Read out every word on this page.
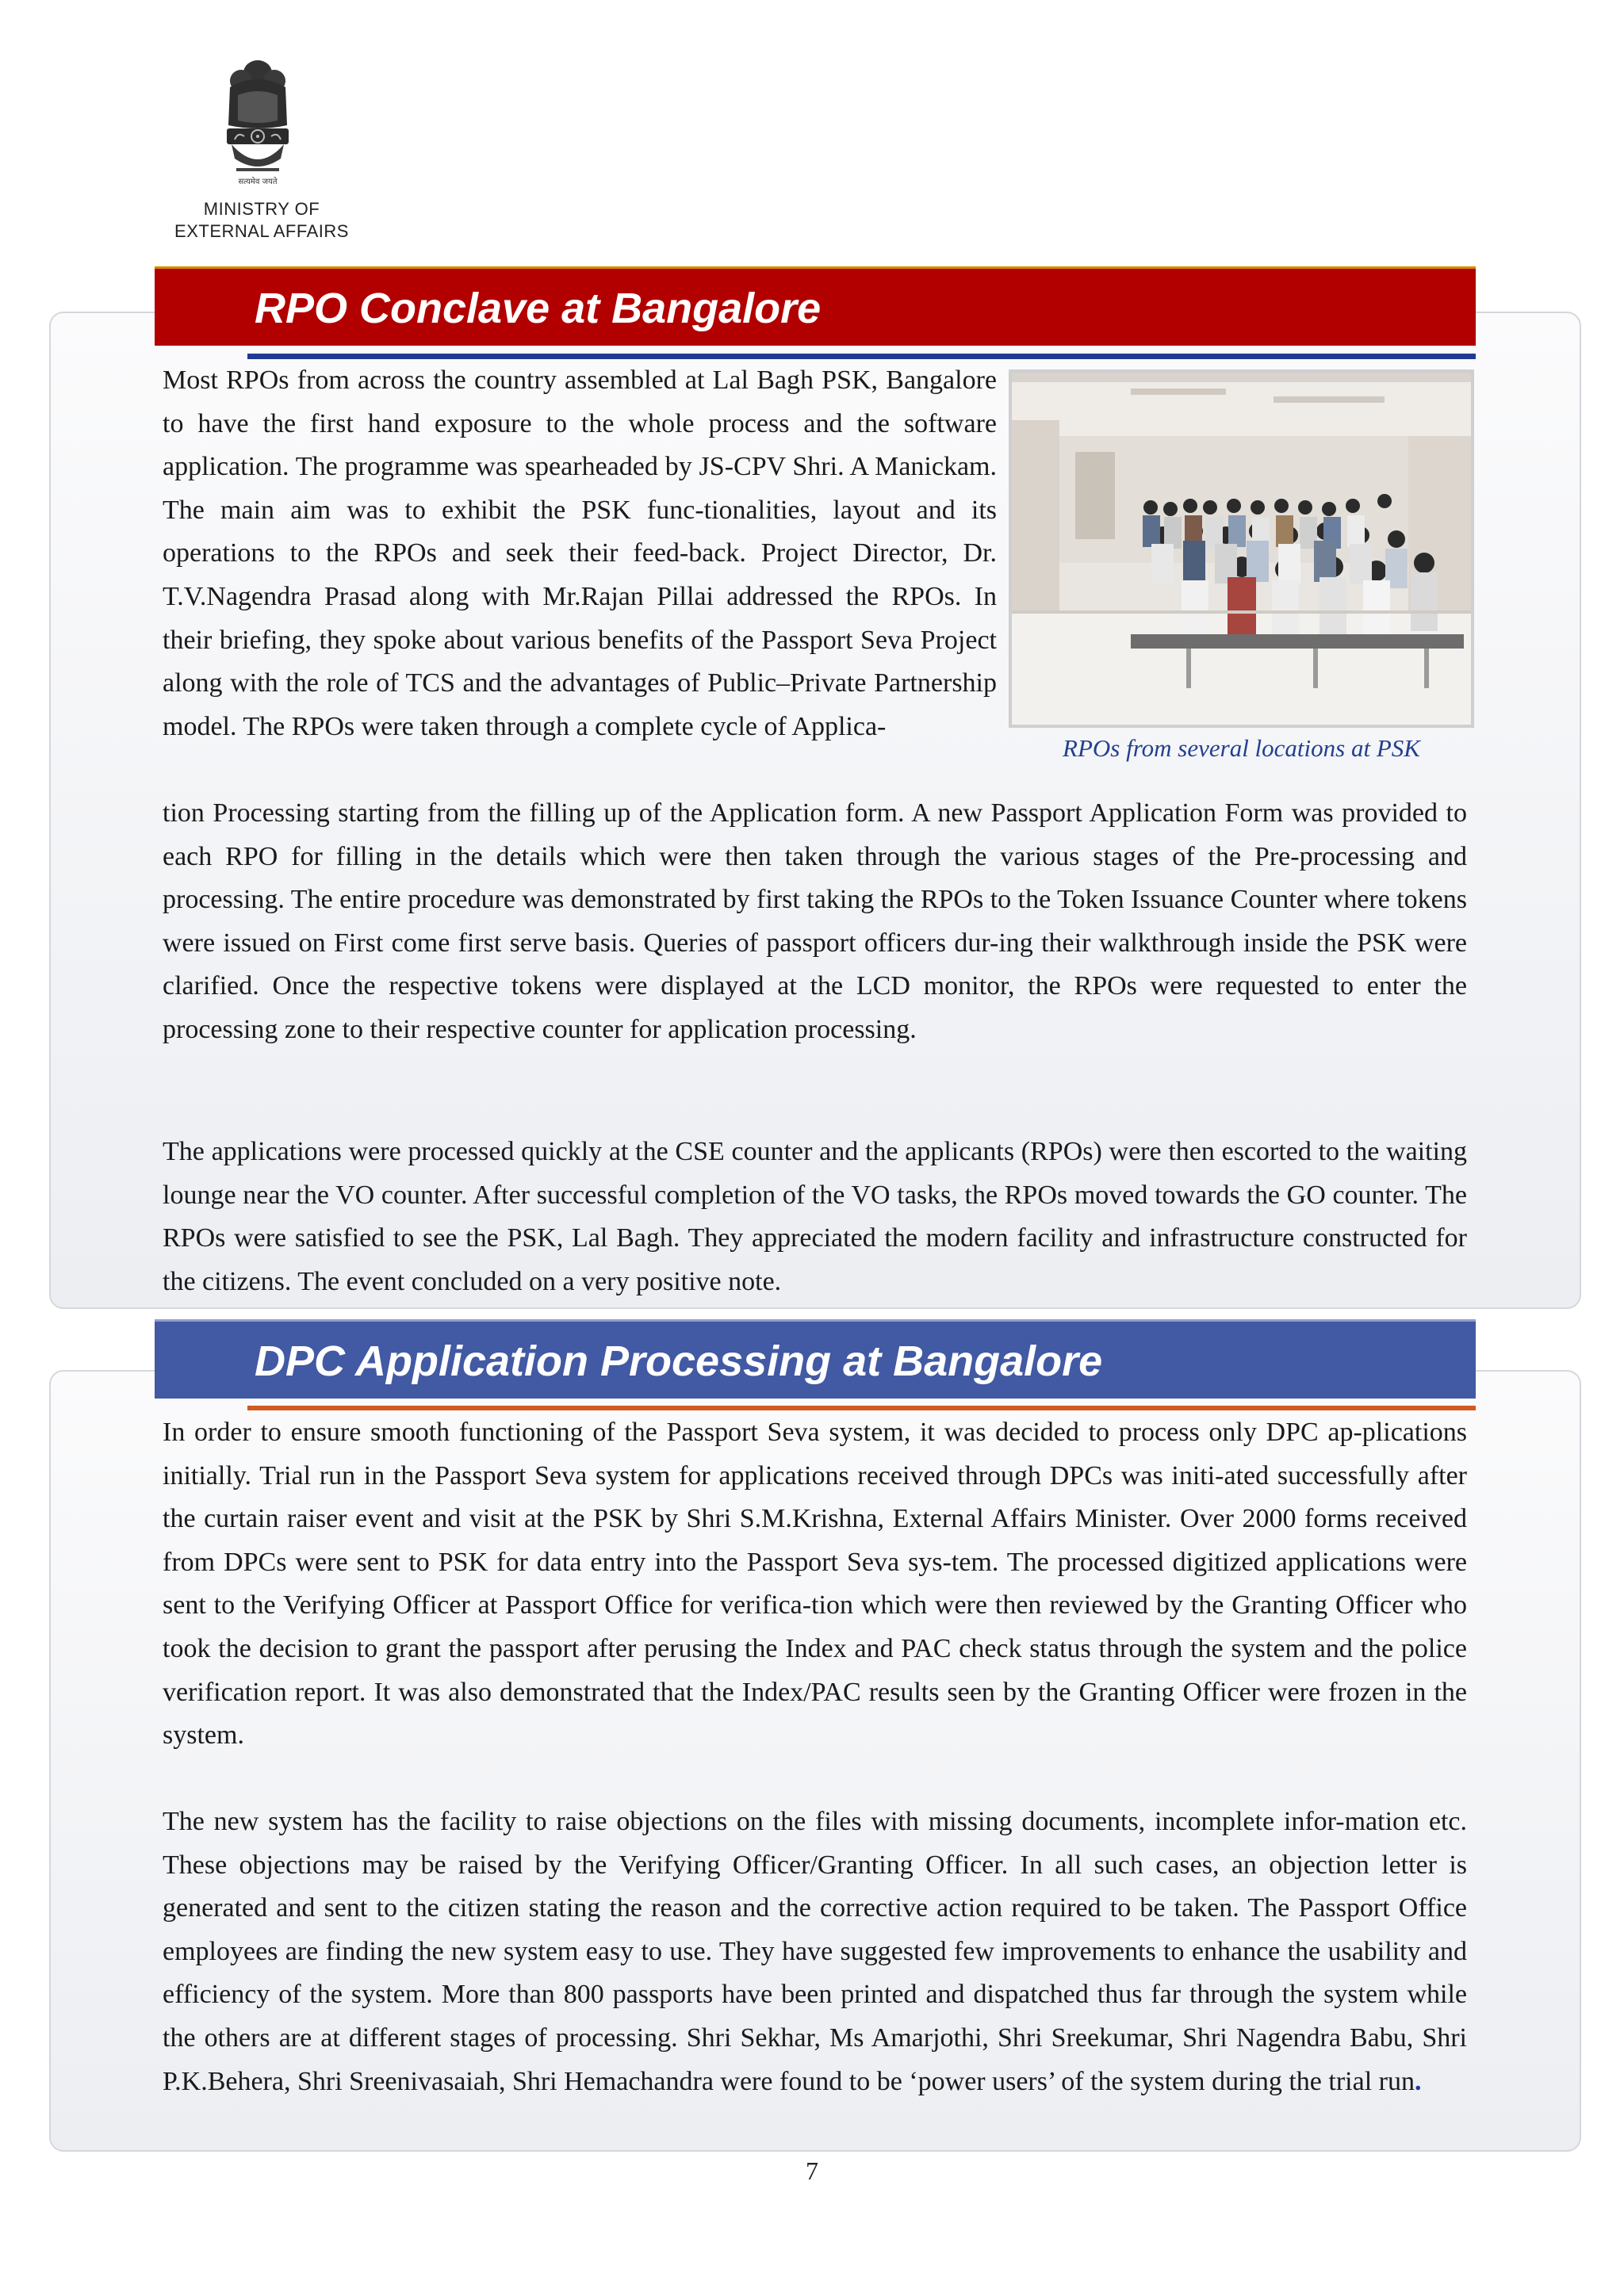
सत्यमेव जयते
MINISTRY OF
EXTERNAL AFFAIRS
RPO Conclave at Bangalore

Most RPOs from across the country assembled at Lal Bagh PSK, Bangalore to have the first hand exposure to the whole process and the software application. The programme was spearheaded by JS-CPV Shri. A Manickam. The main aim was to exhibit the PSK func-tionalities, layout and its operations to the RPOs and seek their feed-back. Project Director, Dr. T.V.Nagendra Prasad along with Mr.Rajan Pillai addressed the RPOs. In their briefing, they spoke about various benefits of the Passport Seva Project along with the role of TCS and the advantages of Public–Private Partnership model. The RPOs were taken through a complete cycle of Applica-

RPOs from several locations at PSK

tion Processing starting from the filling up of the Application form. A new Passport Application Form was provided to each RPO for filling in the details which were then taken through the various stages of the Pre-processing and processing. The entire procedure was demonstrated by first taking the RPOs to the Token Issuance Counter where tokens were issued on First come first serve basis. Queries of passport officers dur-ing their walkthrough inside the PSK were clarified. Once the respective tokens were displayed at the LCD monitor, the RPOs were requested to enter the processing zone to their respective counter for application processing.

The applications were processed quickly at the CSE counter and the applicants (RPOs) were then escorted to the waiting lounge near the VO counter. After successful completion of the VO tasks, the RPOs moved towards the GO counter. The RPOs were satisfied to see the PSK, Lal Bagh. They appreciated the modern facility and infrastructure constructed for the citizens. The event concluded on a very positive note.

DPC Application Processing at Bangalore

In order to ensure smooth functioning of the Passport Seva system, it was decided to process only DPC ap-plications initially. Trial run in the Passport Seva system for applications received through DPCs was initi-ated successfully after the curtain raiser event and visit at the PSK by Shri S.M.Krishna, External Affairs Minister. Over 2000 forms received from DPCs were sent to PSK for data entry into the Passport Seva sys-tem. The processed digitized applications were sent to the Verifying Officer at Passport Office for verifica-tion which were then reviewed by the Granting Officer who took the decision to grant the passport after perusing the Index and PAC check status through the system and the police verification report. It was also demonstrated that the Index/PAC results seen by the Granting Officer were frozen in the system.

The new system has the facility to raise objections on the files with missing documents, incomplete infor-mation etc. These objections may be raised by the Verifying Officer/Granting Officer. In all such cases, an objection letter is generated and sent to the citizen stating the reason and the corrective action required to be taken. The Passport Office employees are finding the new system easy to use. They have suggested few improvements to enhance the usability and efficiency of the system. More than 800 passports have been printed and dispatched thus far through the system while the others are at different stages of processing. Shri Sekhar, Ms Amarjothi, Shri Sreekumar, Shri Nagendra Babu, Shri P.K.Behera, Shri Sreenivasaiah, Shri Hemachandra were found to be ‘power users’ of the system during the trial run.

7
